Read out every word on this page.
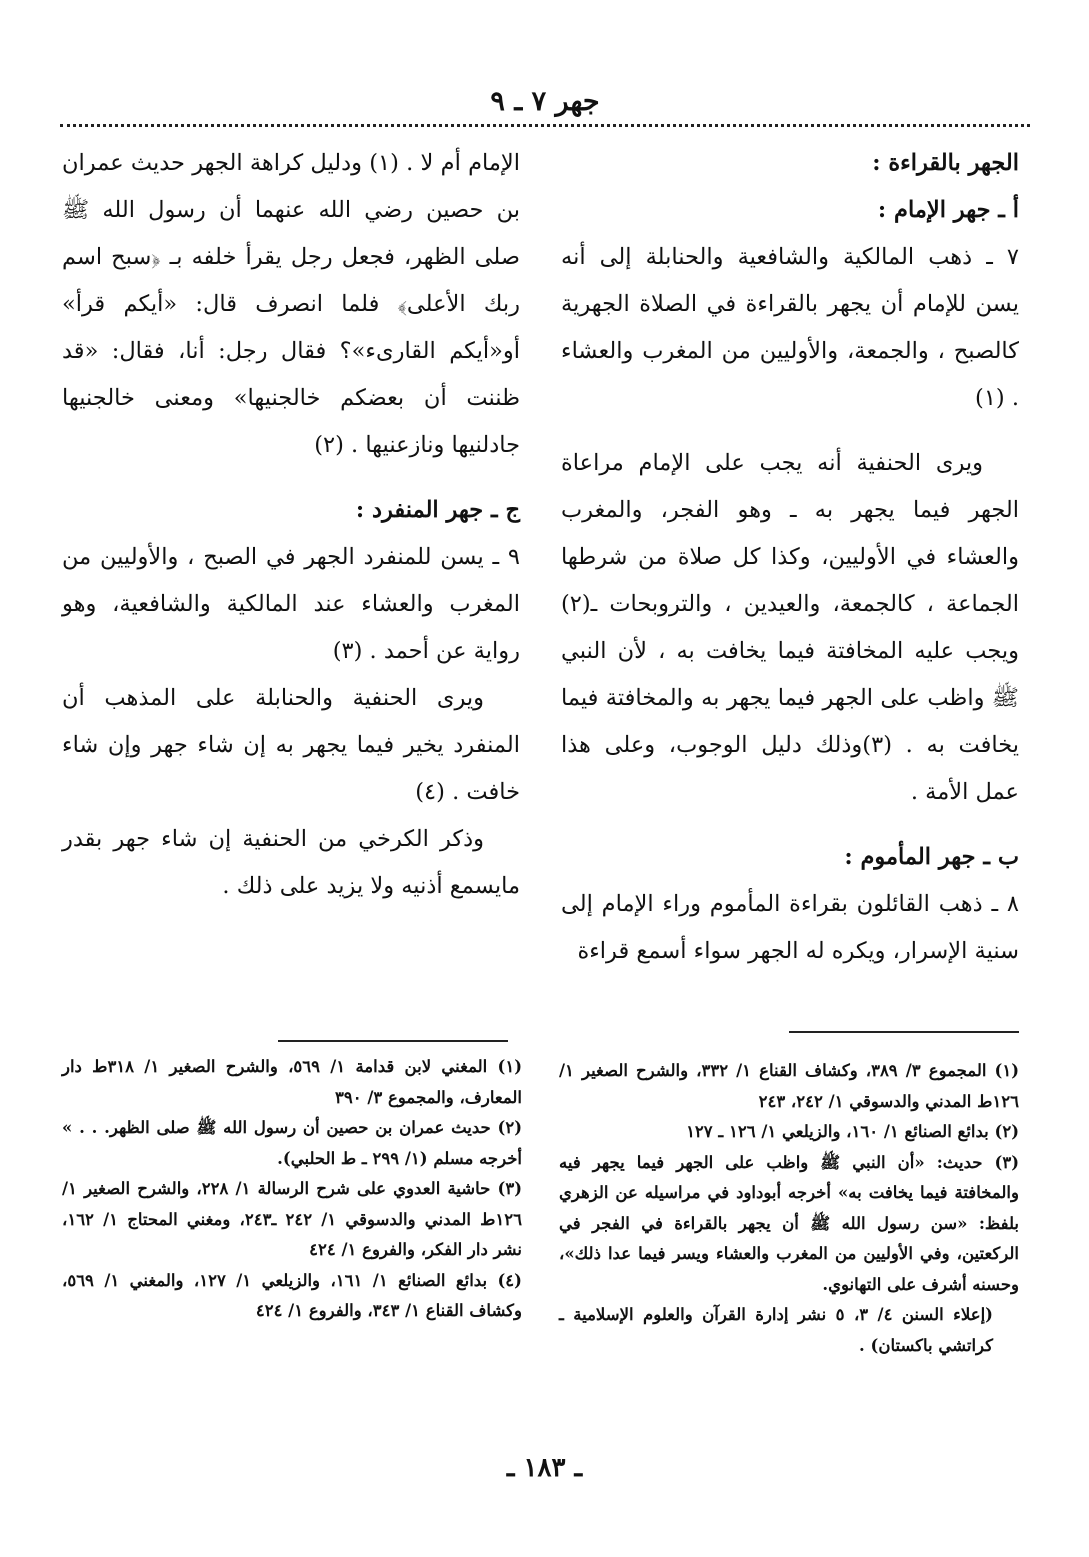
جهر ٧ ـ ٩

الجهر بالقراءة :

أ ـ جهر الإمام :

٧ ـ ذهب المالكية والشافعية والحنابلة إلى أنه يسن للإمام أن يجهر بالقراءة في الصلاة الجهرية كالصبح ، والجمعة، والأوليين من المغرب والعشاء . (١)

ويرى الحنفية أنه يجب على الإمام مراعاة الجهر فيما يجهر به ـ وهو الفجر، والمغرب والعشاء في الأوليين، وكذا كل صلاة من شرطها الجماعة ، كالجمعة، والعيدين ، والتروبحات ـ(٢) ويجب عليه المخافتة فيما يخافت به ، لأن النبي ﷺ واظب على الجهر فيما يجهر به والمخافتة فيما يخافت به . (٣)وذلك دليل الوجوب، وعلى هذا عمل الأمة .

ب ـ جهر المأموم :

٨ ـ ذهب القائلون بقراءة المأموم وراء الإمام إلى سنية الإسرار، ويكره له الجهر سواء أسمع قراءة

الإمام أم لا . (١) ودليل كراهة الجهر حديث عمران بن حصين رضي الله عنهما أن رسول الله ﷺ صلى الظهر، فجعل رجل يقرأ خلفه بـ ﴿سبح اسم ربك الأعلى﴾ فلما انصرف قال: «أيكم قرأ» أو«أيكم القارىء»؟ فقال رجل: أنا، فقال: «قد ظننت أن بعضكم خالجنيها» ومعنى خالجنيها جادلنيها ونازعنيها . (٢)

ج ـ جهر المنفرد :

٩ ـ يسن للمنفرد الجهر في الصبح ، والأوليين من المغرب والعشاء عند المالكية والشافعية، وهو رواية عن أحمد . (٣)

ويرى الحنفية والحنابلة على المذهب أن المنفرد يخير فيما يجهر به إن شاء جهر وإن شاء خافت . (٤)

وذكر الكرخي من الحنفية إن شاء جهر بقدر مايسمع أذنيه ولا يزيد على ذلك .

(١) المجموع ٣/ ٣٨٩، وكشاف القناع ١/ ٣٣٢، والشرح الصغير ١/ ١٢٦ط المدني والدسوقي ١/ ٢٤٢، ٢٤٣

(٢) بدائع الصنائع ١/ ١٦٠، والزيلعي ١/ ١٢٦ ـ ١٢٧

(٣) حديث: «أن النبي ﷺ واظب على الجهر فيما يجهر فيه والمخافتة فيما يخافت به» أخرجه أبوداود في مراسيله عن الزهري بلفظ: «سن رسول الله ﷺ أن يجهر بالقراءة في الفجر في الركعتين، وفي الأوليين من المغرب والعشاء ويسر فيما عدا ذلك»، وحسنه أشرف على التهانوي.

(إعلاء السنن ٤/ ٣، ٥ نشر إدارة القرآن والعلوم الإسلامية ـ كراتشي باكستان) .

(١) المغني لابن قدامة ١/ ٥٦٩، والشرح الصغير ١/ ٣١٨ط دار المعارف، والمجموع ٣/ ٣٩٠

(٢) حديث عمران بن حصين أن رسول الله ﷺ صلى الظهر. . . » أخرجه مسلم (١/ ٢٩٩ ـ ط الحلبي).

(٣) حاشية العدوي على شرح الرسالة ١/ ٢٢٨، والشرح الصغير ١/ ١٢٦ط المدني والدسوقي ١/ ٢٤٢ ـ٢٤٣، ومغني المحتاج ١/ ١٦٢، نشر دار الفكر، والفروع ١/ ٤٢٤

(٤) بدائع الصنائع ١/ ١٦١، والزيلعي ١/ ١٢٧، والمغني ١/ ٥٦٩، وكشاف القناع ١/ ٣٤٣، والفروع ١/ ٤٢٤

ـ ١٨٣ ـ
